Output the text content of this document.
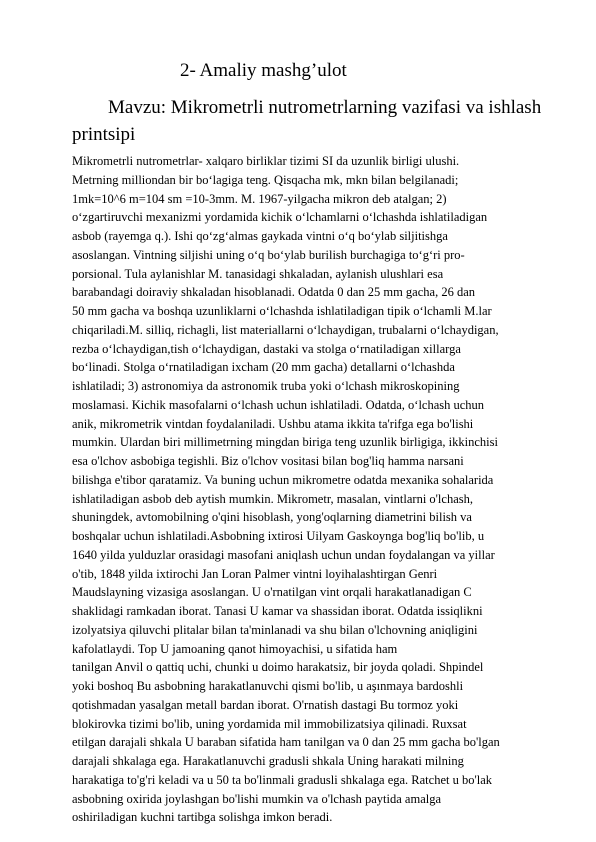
2- Amaliy mashg’ulot
Mavzu: Mikrometrli nutrometrlarning vazifasi va ishlash printsipi
Mikrometrli nutrometrlar- xalqaro birliklar tizimi SI da uzunlik birligi ulushi.
Metrning milliondan bir bo‘lagiga teng. Qisqacha mk, mkn bilan belgilanadi;
1mk=10^6 m=104 sm =10-3mm. M. 1967-yilgacha mikron deb atalgan; 2)
o‘zgartiruvchi mexanizmi yordamida kichik o‘lchamlarni o‘lchashda ishlatiladigan
asbob (rayemga q.). Ishi qo‘zg‘almas gaykada vintni o‘q bo‘ylab siljitishga
asoslangan. Vintning siljishi uning o‘q bo‘ylab burilish burchagiga to‘g‘ri pro-
porsional. Tula aylanishlar M. tanasidagi shkaladan, aylanish ulushlari esa
barabandagi doiraviy shkaladan hisoblanadi. Odatda 0 dan 25 mm gacha, 26 dan
50 mm gacha va boshqa uzunliklarni o‘lchashda ishlatiladigan tipik o‘lchamli M.lar
chiqariladi.M. silliq, richagli, list materiallarni o‘lchaydigan, trubalarni o‘lchaydigan,
rezba o‘lchaydigan,tish o‘lchaydigan, dastaki va stolga o‘rnatiladigan xillarga
bo‘linadi. Stolga o‘rnatiladigan ixcham (20 mm gacha) detallarni o‘lchashda
ishlatiladi; 3) astronomiya da astronomik truba yoki o‘lchash mikroskopining
moslamasi. Kichik masofalarni o‘lchash uchun ishlatiladi. Odatda, o‘lchash uchun
anik, mikrometrik vintdan foydalaniladi. Ushbu atama ikkita ta'rifga ega bo'lishi
mumkin. Ulardan biri millimetrning mingdan biriga teng uzunlik birligiga, ikkinchisi
esa o'lchov asbobiga tegishli. Biz o'lchov vositasi bilan bog'liq hamma narsani
bilishga e'tibor qaratamiz. Va buning uchun mikrometre odatda mexanika sohalarida
ishlatiladigan asbob deb aytish mumkin. Mikrometr, masalan, vintlarni o'lchash,
shuningdek, avtomobilning o'qini hisoblash, yong'oqlarning diametrini bilish va
boshqalar uchun ishlatiladi.Asbobning ixtirosi Uilyam Gaskoynga bog'liq bo'lib, u
1640 yilda yulduzlar orasidagi masofani aniqlash uchun undan foydalangan va yillar
o'tib, 1848 yilda ixtirochi Jan Loran Palmer vintni loyihalashtirgan Genri
Maudslayning vizasiga asoslangan. U o'rnatilgan vint orqali harakatlanadigan C
shaklidagi ramkadan iborat. Tanasi U kamar va shassidan iborat. Odatda issiqlikni
izolyatsiya qiluvchi plitalar bilan ta'minlanadi va shu bilan o'lchovning aniqligini
kafolatlaydi. Top U jamoaning qanot himoyachisi, u sifatida ham
tanilgan Anvil o qattiq uchi, chunki u doimo harakatsiz, bir joyda qoladi. Shpindel
yoki boshoq Bu asbobning harakatlanuvchi qismi bo'lib, u aşınmaya bardoshli
qotishmadan yasalgan metall bardan iborat. O'rnatish dastagi Bu tormoz yoki
blokirovka tizimi bo'lib, uning yordamida mil immobilizatsiya qilinadi. Ruxsat
etilgan darajali shkala U baraban sifatida ham tanilgan va 0 dan 25 mm gacha bo'lgan
darajali shkalaga ega. Harakatlanuvchi gradusli shkala Uning harakati milning
harakatiga to'g'ri keladi va u 50 ta bo'linmali gradusli shkalaga ega. Ratchet u bo'lak
asbobning oxirida joylashgan bo'lishi mumkin va o'lchash paytida amalga
oshiriladigan kuchni tartibga solishga imkon beradi.
